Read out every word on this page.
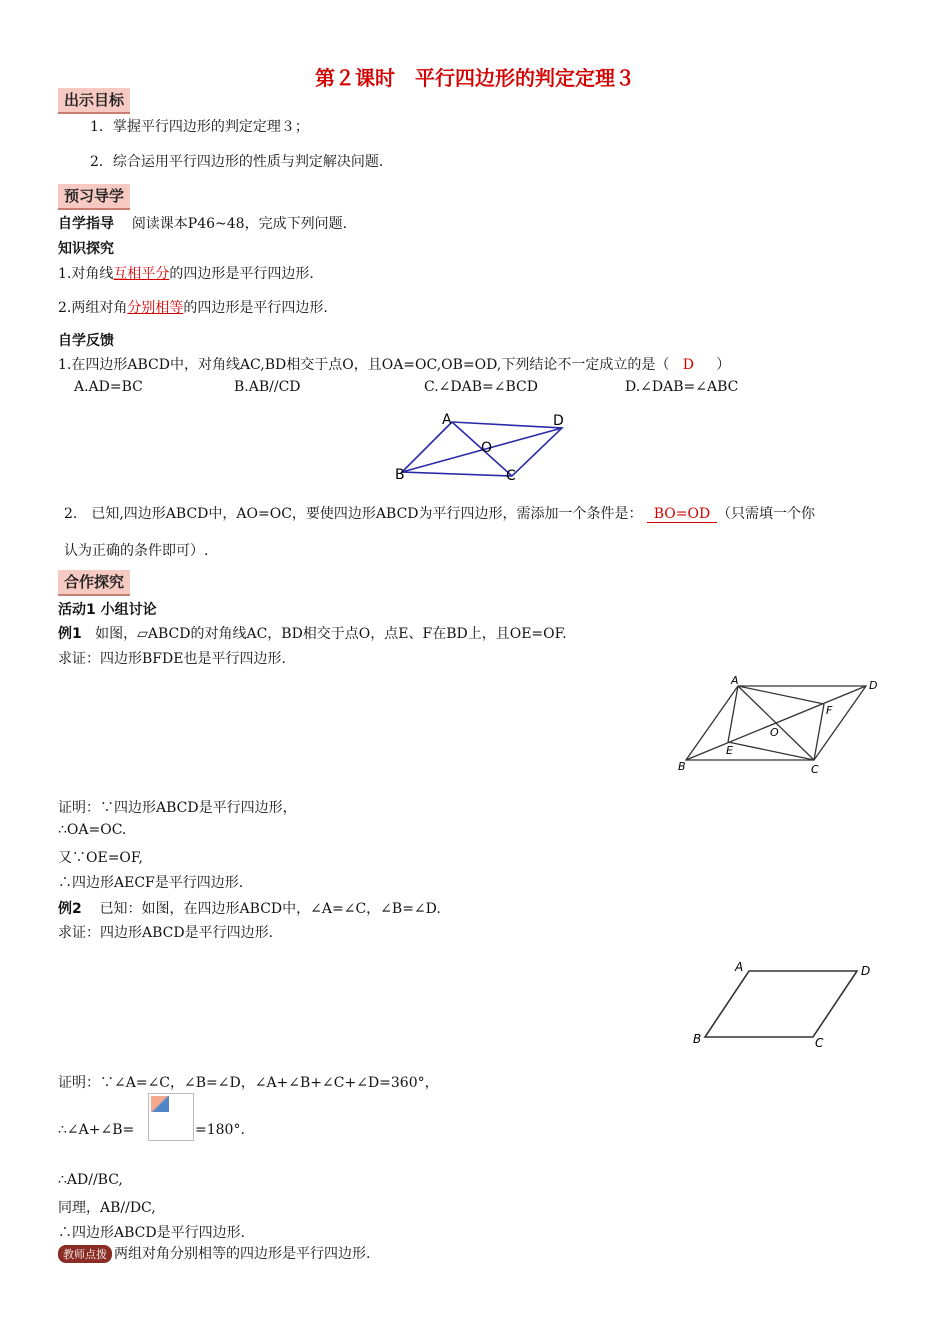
第２课时　平行四边形的判定定理３
出示目标
1．掌握平行四边形的判定定理３；
2．综合运用平行四边形的性质与判定解决问题.
预习导学
自学指导 阅读课本P46~48，完成下列问题.
知识探究
1.对角线互相平分的四边形是平行四边形.
2.两组对角分别相等的四边形是平行四边形.
自学反馈
1.在四边形ABCD中，对角线AC,BD相交于点O，且OA=OC,OB=OD,下列结论不一定成立的是（ D ）
A.AD=BC	B.AB//CD	C.∠DAB=∠BCD	D.∠DAB=∠ABC
A	D
O
B	C
2.　已知,四边形ABCD中，AO=OC，要使四边形ABCD为平行四边形，需添加一个条件是： BO=OD （只需填一个你
认为正确的条件即可）.
合作探究
活动1 小组讨论
例1 如图，▱ABCD的对角线AC，BD相交于点O，点E、F在BD上，且OE=OF.
求证：四边形BFDE也是平行四边形.
A	D
F
O
E
B	C
证明：∵四边形ABCD是平行四边形，
∴OA=OC.
又∵OE=OF,
∴四边形AECF是平行四边形.
例2 已知：如图，在四边形ABCD中，∠A=∠C，∠B=∠D.
求证：四边形ABCD是平行四边形.
A	D
B	C
证明：∵∠A=∠C，∠B=∠D，∠A+∠B+∠C+∠D=360°，
∴∠A+∠B=	=180°.
∴AD//BC,
同理，AB//DC,
∴四边形ABCD是平行四边形.
教师点拨 两组对角分别相等的四边形是平行四边形.
